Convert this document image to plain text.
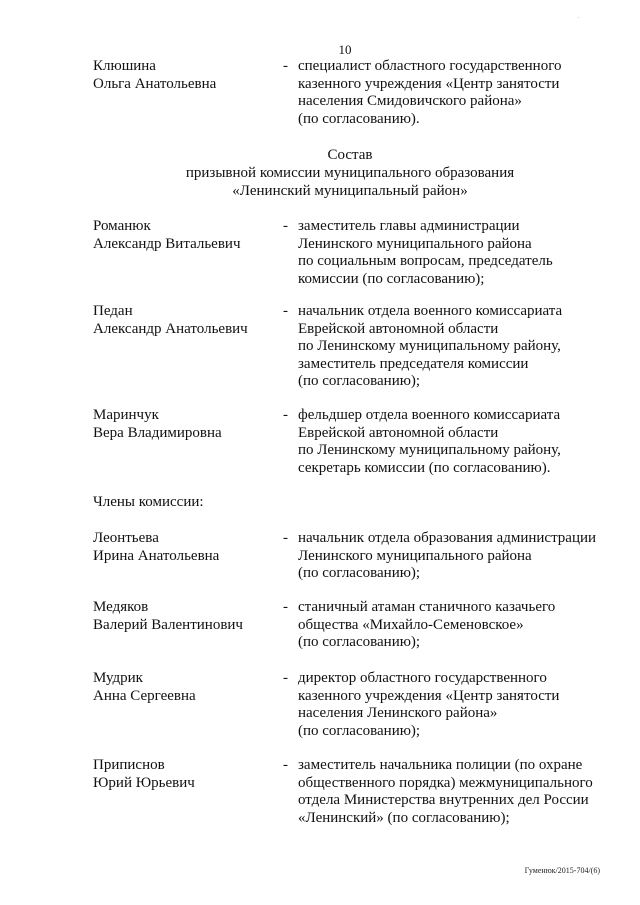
·
10
Клюшина
Ольга Анатольевна
- специалист областного государственного
казенного учреждения «Центр занятости
населения Смидовичского района»
(по согласованию).
Состав
призывной комиссии муниципального образования
«Ленинский муниципальный район»
Романюк
Александр Витальевич
- заместитель главы администрации
Ленинского муниципального района
по социальным вопросам, председатель
комиссии (по согласованию);
Педан
Александр Анатольевич
- начальник отдела военного комиссариата
Еврейской автономной области
по Ленинскому муниципальному району,
заместитель председателя комиссии
(по согласованию);
Маринчук
Вера Владимировна
- фельдшер отдела военного комиссариата
Еврейской автономной области
по Ленинскому муниципальному району,
секретарь комиссии (по согласованию).
Члены комиссии:
Леонтьева
Ирина Анатольевна
- начальник отдела образования администрации
Ленинского муниципального района
(по согласованию);
Медяков
Валерий Валентинович
- станичный атаман станичного казачьего
общества «Михайло-Семеновское»
(по согласованию);
Мудрик
Анна Сергеевна
- директор областного государственного
казенного учреждения «Центр занятости
населения Ленинского района»
(по согласованию);
Припиcнов
Юрий Юрьевич
- заместитель начальника полиции (по охране
общественного порядка) межмуниципального
отдела Министерства внутренних дел России
«Ленинский» (по согласованию);
Гуменюк/2015-704/(6)
